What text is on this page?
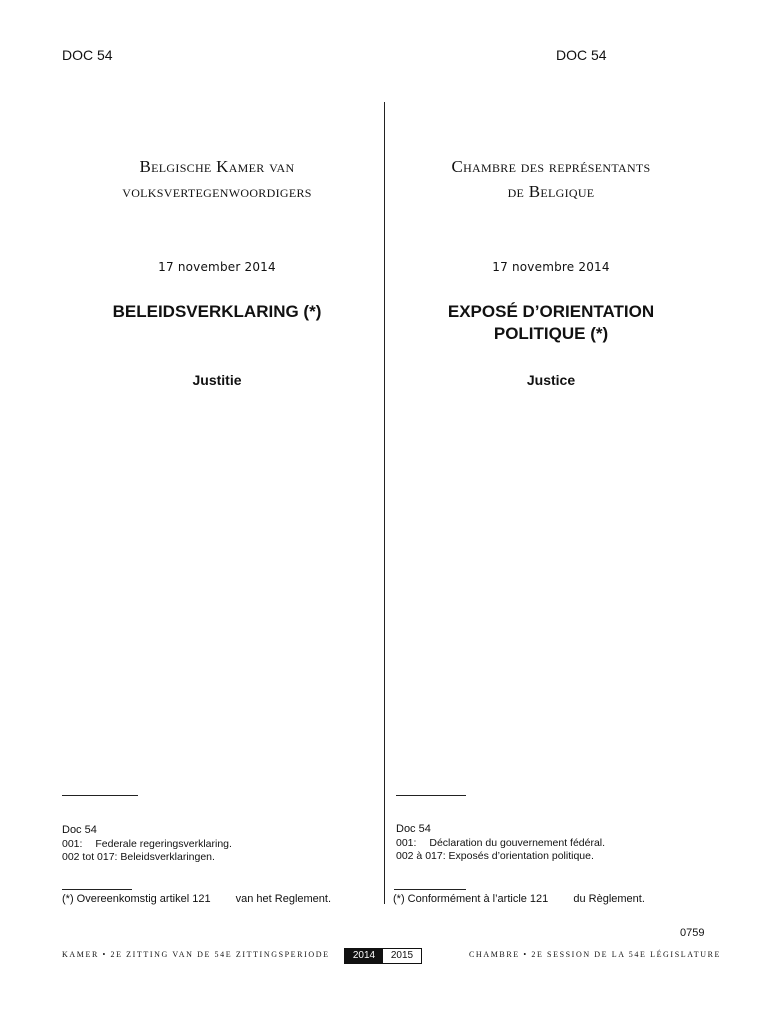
DOC 54	DOC 54
Belgische Kamer van
volksvertegenwoordigers
17 november 2014
BELEIDSVERKLARING (*)
Justitie
Doc 54
001: Federale regeringsverklaring.
002 tot 017: Beleidsverklaringen.
(*) Overeenkomstig artikel 121 van het Reglement.
Chambre des représentants
de Belgique
17 novembre 2014
EXPOSÉ D’ORIENTATION
POLITIQUE (*)
Justice
Doc 54
001: Déclaration du gouvernement fédéral.
002 à 017: Exposés d’orientation politique.
(*) Conformément à l’article 121 du Règlement.
0759
KAMER • 2E ZITTING VAN DE 54E ZITTINGSPERIODE	2014	2015	CHAMBRE • 2E SESSION DE LA 54E LÉGISLATURE
